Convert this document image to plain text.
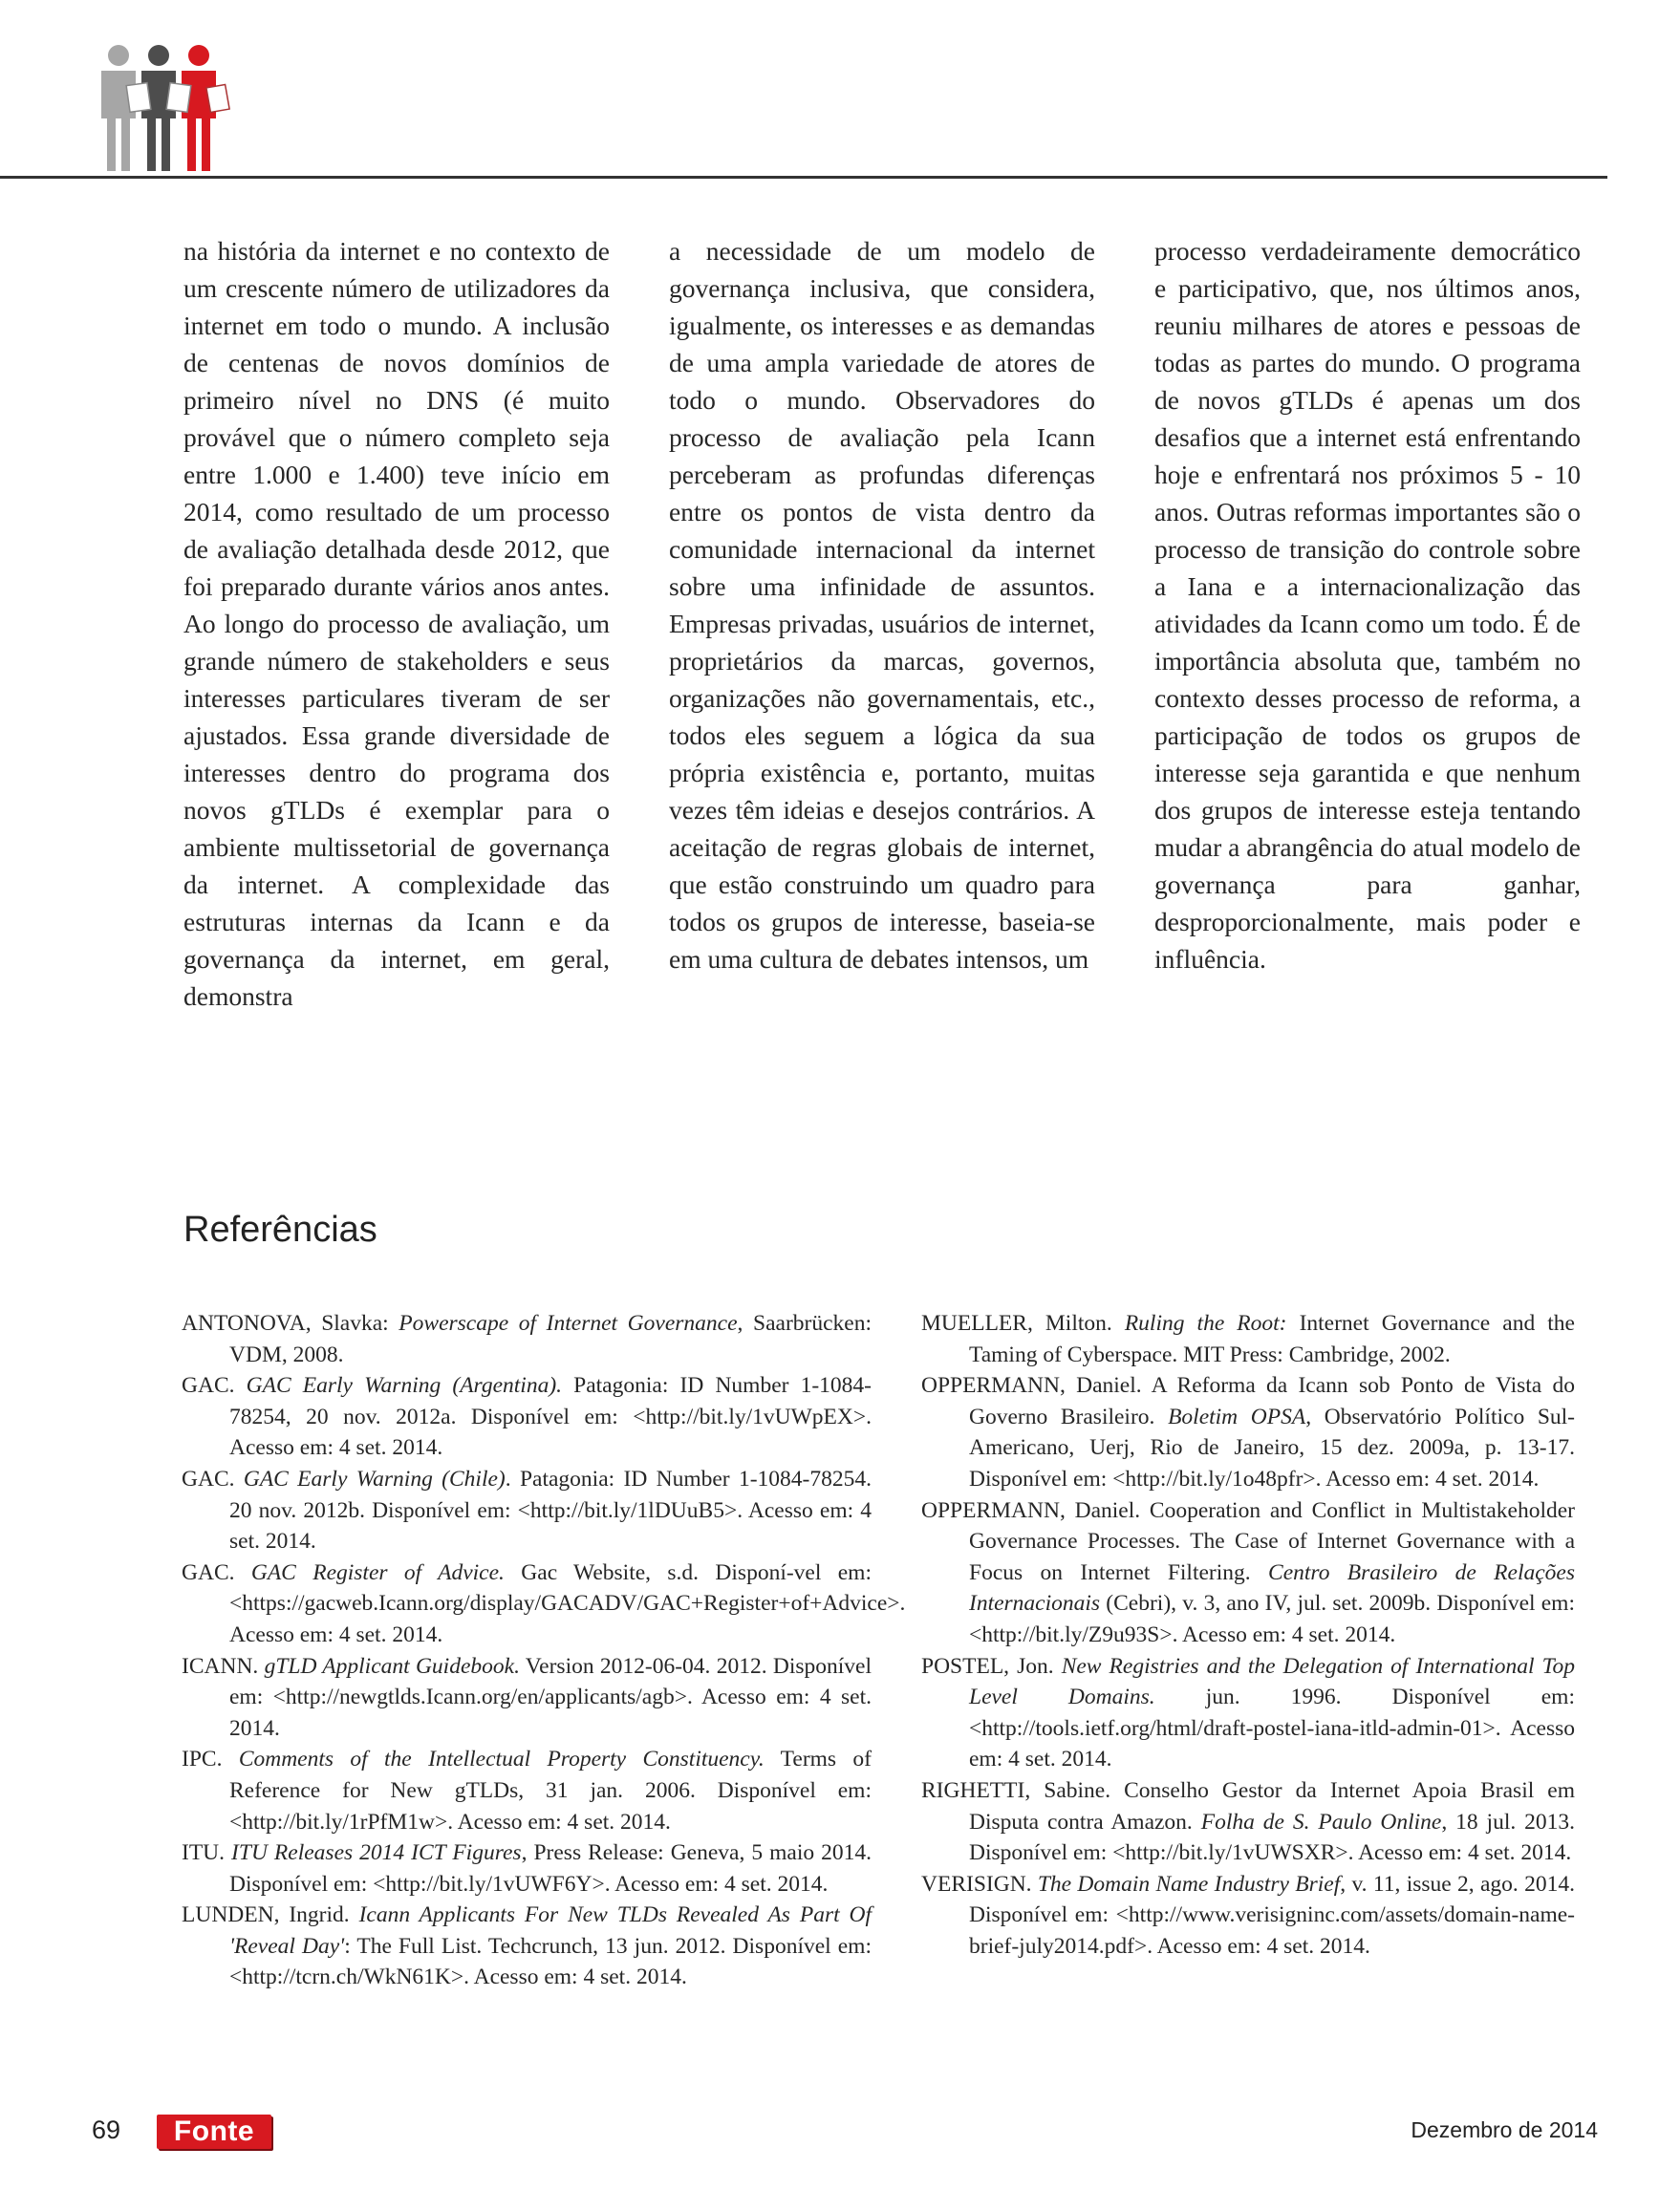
na história da internet e no contexto de um crescente número de utilizadores da internet em todo o mundo. A inclusão de centenas de novos domínios de primeiro nível no DNS (é muito provável que o número completo seja entre 1.000 e 1.400) teve início em 2014, como resultado de um processo de avaliação detalhada desde 2012, que foi preparado durante vários anos antes. Ao longo do processo de avaliação, um grande número de stakeholders e seus interesses particulares tiveram de ser ajustados. Essa grande diversidade de interesses dentro do programa dos novos gTLDs é exemplar para o ambiente multissetorial de governança da internet. A complexidade das estruturas internas da Icann e da governança da internet, em geral, demonstra

a necessidade de um modelo de governança inclusiva, que considera, igualmente, os interesses e as demandas de uma ampla variedade de atores de todo o mundo. Observadores do processo de avaliação pela Icann perceberam as profundas diferenças entre os pontos de vista dentro da comunidade internacional da internet sobre uma infinidade de assuntos. Empresas privadas, usuários de internet, proprietários da marcas, governos, organizações não governamentais, etc., todos eles seguem a lógica da sua própria existência e, portanto, muitas vezes têm ideias e desejos contrários. A aceitação de regras globais de internet, que estão construindo um quadro para todos os grupos de interesse, baseia-se em uma cultura de debates intensos, um

processo verdadeiramente democrático e participativo, que, nos últimos anos, reuniu milhares de atores e pessoas de todas as partes do mundo. O programa de novos gTLDs é apenas um dos desafios que a internet está enfrentando hoje e enfrentará nos próximos 5 - 10 anos. Outras reformas importantes são o processo de transição do controle sobre a Iana e a internacionalização das atividades da Icann como um todo. É de importância absoluta que, também no contexto desses processo de reforma, a participação de todos os grupos de interesse seja garantida e que nenhum dos grupos de interesse esteja tentando mudar a abrangência do atual modelo de governança para ganhar, desproporcionalmente, mais poder e influência.

Referências

ANTONOVA, Slavka: Powerscape of Internet Governance, Saarbrücken: VDM, 2008.

GAC. GAC Early Warning (Argentina). Patagonia: ID Number 1-1084-78254, 20 nov. 2012a. Disponível em: <http://bit.ly/1vUWpEX>. Acesso em: 4 set. 2014.

GAC. GAC Early Warning (Chile). Patagonia: ID Number 1-1084-78254. 20 nov. 2012b. Disponível em: <http://bit.ly/1lDUuB5>. Acesso em: 4 set. 2014.

GAC. GAC Register of Advice. Gac Website, s.d. Disponí-vel em: <https://gacweb.Icann.org/display/GACADV/GAC+Register+of+Advice>. Acesso em: 4 set. 2014.

ICANN. gTLD Applicant Guidebook. Version 2012-06-04. 2012. Disponível em: <http://newgtlds.Icann.org/en/applicants/agb>. Acesso em: 4 set. 2014.

IPC. Comments of the Intellectual Property Constituency. Terms of Reference for New gTLDs, 31 jan. 2006. Disponível em: <http://bit.ly/1rPfM1w>. Acesso em: 4 set. 2014.

ITU. ITU Releases 2014 ICT Figures, Press Release: Geneva, 5 maio 2014. Disponível em: <http://bit.ly/1vUWF6Y>. Acesso em: 4 set. 2014.

LUNDEN, Ingrid. Icann Applicants For New TLDs Revealed As Part Of 'Reveal Day': The Full List. Techcrunch, 13 jun. 2012. Disponível em: <http://tcrn.ch/WkN61K>. Acesso em: 4 set. 2014.

MUELLER, Milton. Ruling the Root: Internet Governance and the Taming of Cyberspace. MIT Press: Cambridge, 2002.

OPPERMANN, Daniel. A Reforma da Icann sob Ponto de Vista do Governo Brasileiro. Boletim OPSA, Observatório Político Sul-Americano, Uerj, Rio de Janeiro, 15 dez. 2009a, p. 13-17. Disponível em: <http://bit.ly/1o48pfr>. Acesso em: 4 set. 2014.

OPPERMANN, Daniel. Cooperation and Conflict in Multistakeholder Governance Processes. The Case of Internet Governance with a Focus on Internet Filtering. Centro Brasileiro de Relações Internacionais (Cebri), v. 3, ano IV, jul. set. 2009b. Disponível em: <http://bit.ly/Z9u93S>. Acesso em: 4 set. 2014.

POSTEL, Jon. New Registries and the Delegation of International Top Level Domains. jun. 1996. Disponível em: <http://tools.ietf.org/html/draft-postel-iana-itld-admin-01>. Acesso em: 4 set. 2014.

RIGHETTI, Sabine. Conselho Gestor da Internet Apoia Brasil em Disputa contra Amazon. Folha de S. Paulo Online, 18 jul. 2013. Disponível em: <http://bit.ly/1vUWSXR>. Acesso em: 4 set. 2014.

VERISIGN. The Domain Name Industry Brief, v. 11, issue 2, ago. 2014. Disponível em: <http://www.verisigninc.com/assets/domain-name-brief-july2014.pdf>. Acesso em: 4 set. 2014.

69 Fonte	Dezembro de 2014
